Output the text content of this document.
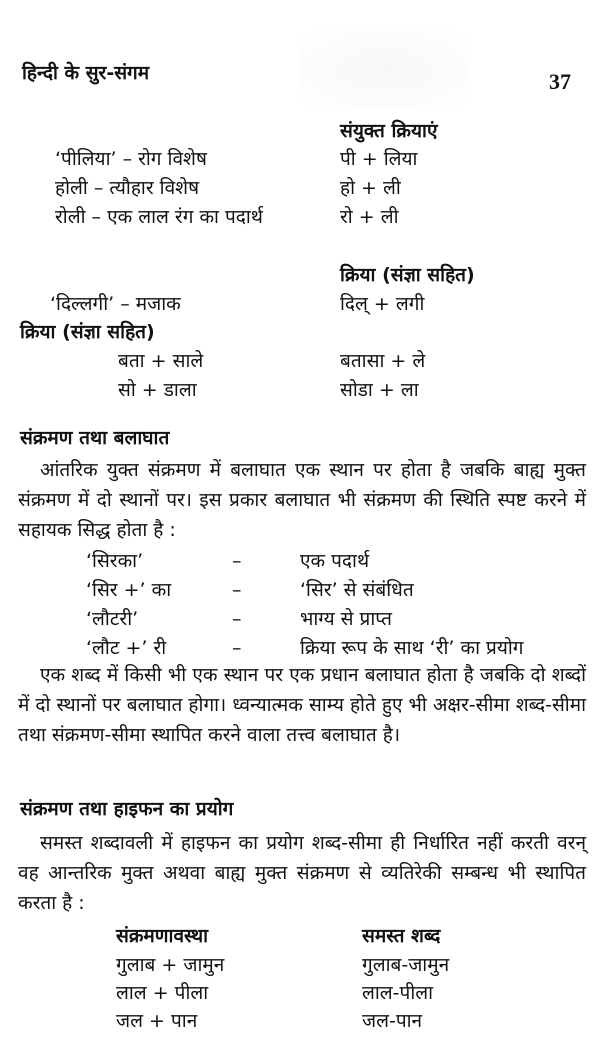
हिन्दी के सुर-संगम	37
संयुक्त क्रियाएं
‘पीलिया’ – रोग विशेष	पी + लिया
होली – त्यौहार विशेष	हो + ली
रोली – एक लाल रंग का पदार्थ	रो + ली
क्रिया (संज्ञा सहित)
‘दिल्लगी’ – मजाक	दिल् + लगी
क्रिया (संज्ञा सहित)
बता + साले	बतासा + ले
सो + डाला	सोडा + ला
संक्रमण तथा बलाघात

आंतरिक युक्त संक्रमण में बलाघात एक स्थान पर होता है जबकि बाह्य मुक्त संक्रमण में दो स्थानों पर। इस प्रकार बलाघात भी संक्रमण की स्थिति स्पष्ट करने में सहायक सिद्ध होता है :

‘सिरका’	–	एक पदार्थ
‘सिर +’ का	–	‘सिर’ से संबंधित
‘लौटरी’	–	भाग्य से प्राप्त
‘लौट +’ री	–	क्रिया रूप के साथ ‘री’ का प्रयोग

एक शब्द में किसी भी एक स्थान पर एक प्रधान बलाघात होता है जबकि दो शब्दों में दो स्थानों पर बलाघात होगा। ध्वन्यात्मक साम्य होते हुए भी अक्षर-सीमा शब्द-सीमा तथा संक्रमण-सीमा स्थापित करने वाला तत्त्व बलाघात है।

संक्रमण तथा हाइफन का प्रयोग

समस्त शब्दावली में हाइफन का प्रयोग शब्द-सीमा ही निर्धारित नहीं करती वरन् वह आन्तरिक मुक्त अथवा बाह्य मुक्त संक्रमण से व्यतिरेकी सम्बन्ध भी स्थापित करता है :

संक्रमणावस्था	समस्त शब्द
गुलाब + जामुन	गुलाब-जामुन
लाल + पीला	लाल-पीला
जल + पान	जल-पान
